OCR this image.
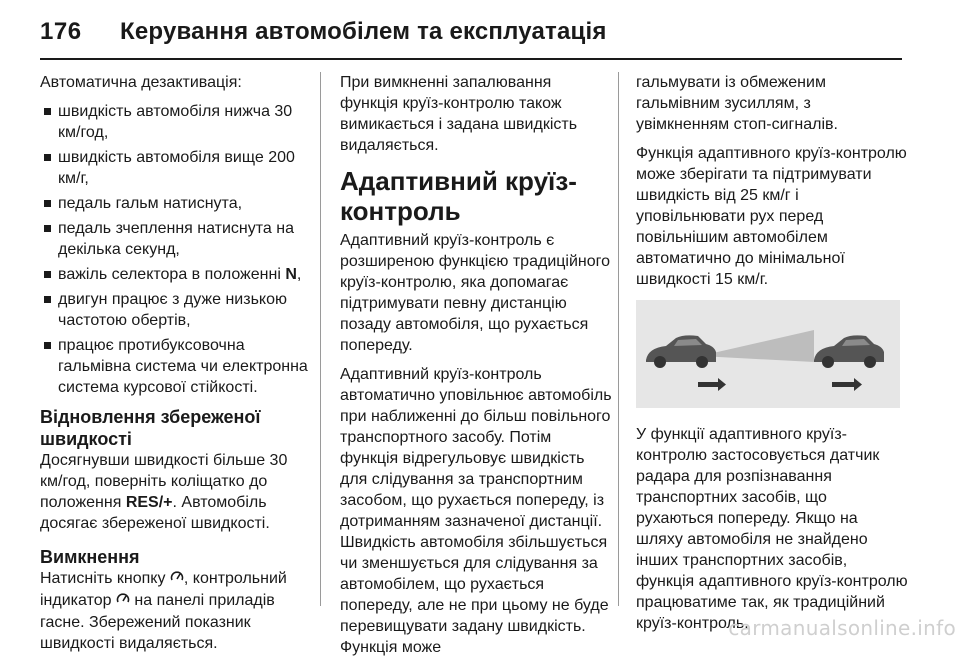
176	Керування автомобілем та експлуатація

Автоматична дезактивація:

швидкість автомобіля нижча 30 км/год,
швидкість автомобіля вище 200 км/г,
педаль гальм натиснута,
педаль зчеплення натиснута на декілька секунд,
важіль селектора в положенні N,
двигун працює з дуже низькою частотою обертів,
працює протибуксовочна гальмівна система чи електронна система курсової стійкості.
Відновлення збереженої швидкості

Досягнувши швидкості більше 30 км/год, поверніть коліщатко до положення RES/+. Автомобіль досягає збереженої швидкості.

Вимкнення

Натисніть кнопку , контрольний індикатор  на панелі приладів гасне. Збережений показник швидкості видаляється.

При вимкненні запалювання функція круїз-контролю також вимикається і задана швидкість видаляється.

Адаптивний круїз-контроль

Адаптивний круїз-контроль є розширеною функцією традиційного круїз-контролю, яка допомагає підтримувати певну дистанцію позаду автомобіля, що рухається попереду.

Адаптивний круїз-контроль автоматично уповільнює автомобіль при наближенні до більш повільного транспортного засобу. Потім функція відрегульовує швидкість для слідування за транспортним засобом, що рухається попереду, із дотриманням зазначеної дистанції. Швидкість автомобіля збільшується чи зменшується для слідування за автомобілем, що рухається попереду, але не при цьому не буде перевищувати задану швидкість. Функція може

гальмувати із обмеженим гальмівним зусиллям, з увімкненням стоп-сигналів.

Функція адаптивного круїз-контролю може зберігати та підтримувати швидкість від 25 км/г і уповільнювати рух перед повільнішим автомобілем автоматично до мінімальної швидкості 15 км/г.

У функції адаптивного круїз-контролю застосовується датчик радара для розпізнавання транспортних засобів, що рухаються попереду. Якщо на шляху автомобіля не знайдено інших транспортних засобів, функція адаптивного круїз-контролю працюватиме так, як традиційний круїз-контроль.

carmanualsonline.info
